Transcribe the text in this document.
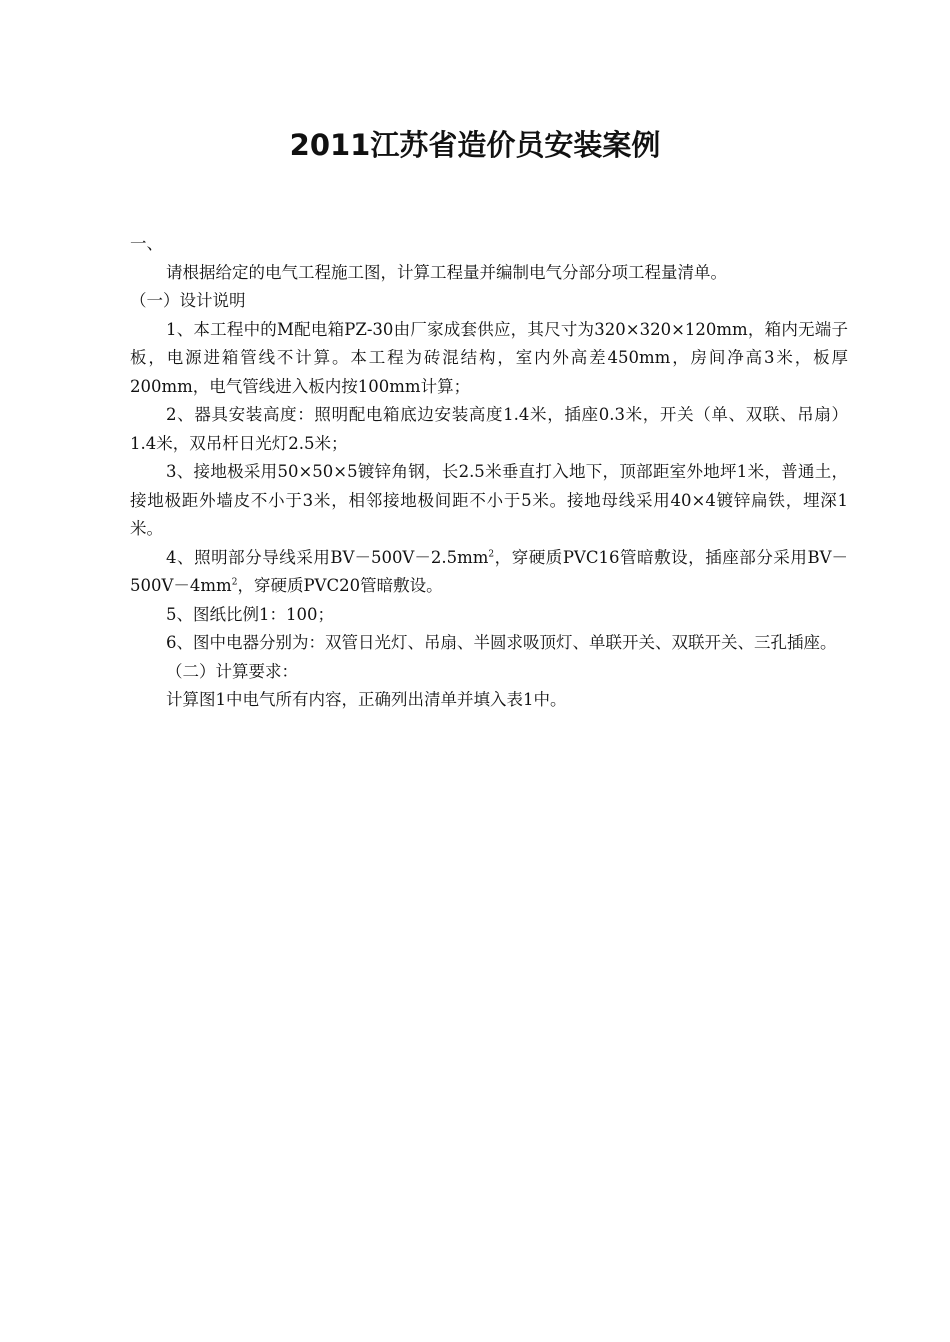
2011江苏省造价员安装案例

一、

请根据给定的电气工程施工图，计算工程量并编制电气分部分项工程量清单。

（一）设计说明

1、本工程中的M配电箱PZ-30由厂家成套供应，其尺寸为320×320×120mm，箱内无端子板，电源进箱管线不计算。本工程为砖混结构，室内外高差450mm，房间净高3米，板厚200mm，电气管线进入板内按100mm计算；

2、器具安装高度：照明配电箱底边安装高度1.4米，插座0.3米，开关（单、双联、吊扇）1.4米，双吊杆日光灯2.5米；

3、接地极采用50×50×5镀锌角钢，长2.5米垂直打入地下，顶部距室外地坪1米，普通土，接地极距外墙皮不小于3米，相邻接地极间距不小于5米。接地母线采用40×4镀锌扁铁，埋深1米。

4、照明部分导线采用$BV-500V-2.5mm^2$，穿硬质PVC16管暗敷设，插座部分采用$BV-500V-4mm^2$，穿硬质PVC20管暗敷设。

5、图纸比例1：100；

6、图中电器分别为：双管日光灯、吊扇、半圆求吸顶灯、单联开关、双联开关、三孔插座。

（二）计算要求：

计算图1中电气所有内容，正确列出清单并填入表1中。
